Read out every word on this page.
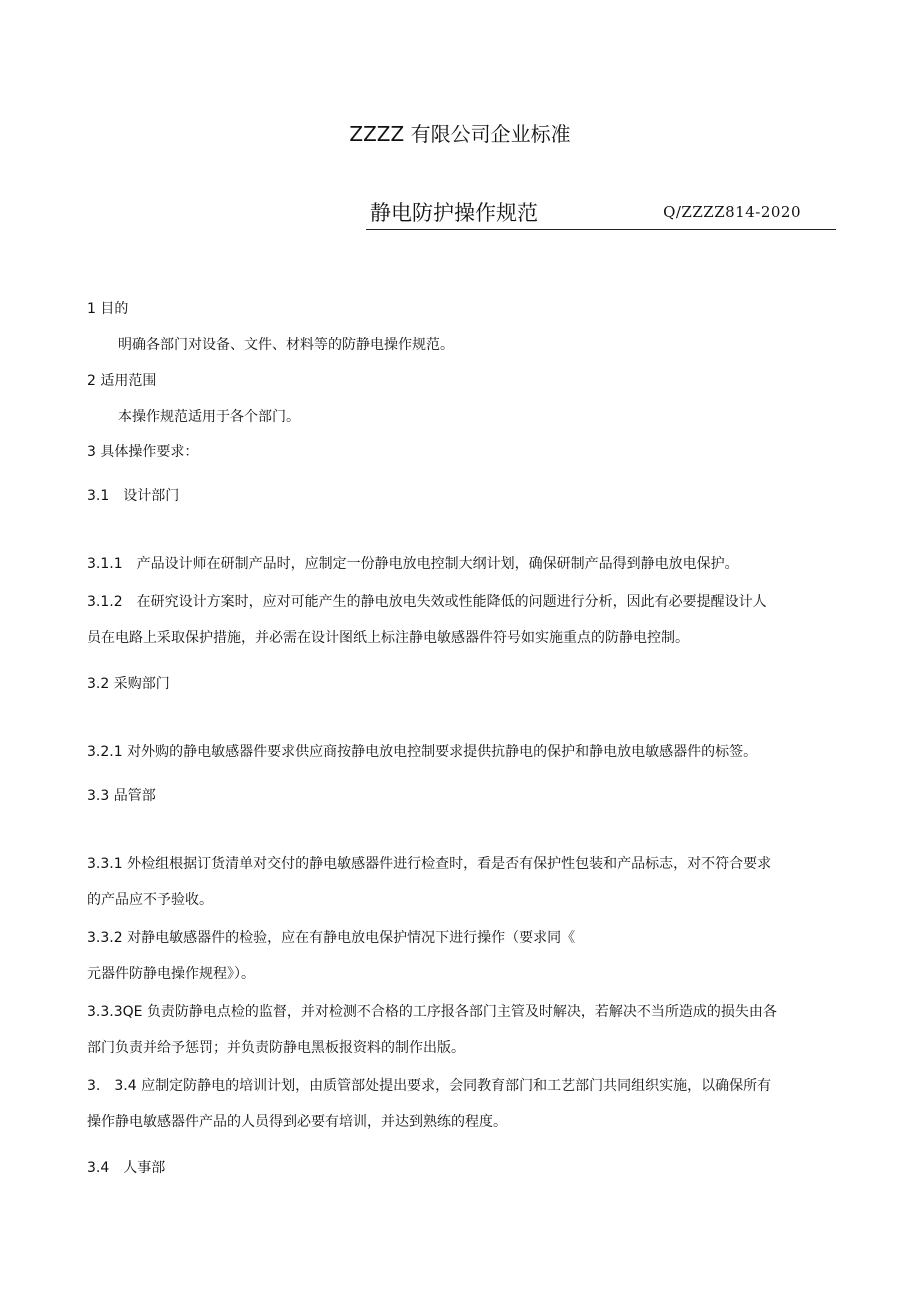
ZZZZ 有限公司企业标准
静电防护操作规范	Q/ZZZZ814-2020
1 目的
明确各部门对设备、文件、材料等的防静电操作规范。
2 适用范围
本操作规范适用于各个部门。
3 具体操作要求：
3.1　设计部门
3.1.1　产品设计师在研制产品时，应制定一份静电放电控制大纲计划，确保研制产品得到静电放电保护。
3.1.2　在研究设计方案时，应对可能产生的静电放电失效或性能降低的问题进行分析，因此有必要提醒设计人
员在电路上采取保护措施，并必需在设计图纸上标注静电敏感器件符号如实施重点的防静电控制。
3.2 采购部门
3.2.1 对外购的静电敏感器件要求供应商按静电放电控制要求提供抗静电的保护和静电放电敏感器件的标签。
3.3 品管部
3.3.1 外检组根据订货清单对交付的静电敏感器件进行检查时，看是否有保护性包装和产品标志，对不符合要求
的产品应不予验收。
3.3.2 对静电敏感器件的检验，应在有静电放电保护情况下进行操作（要求同《
元器件防静电操作规程》）。
3.3.3QE 负责防静电点检的监督，并对检测不合格的工序报各部门主管及时解决，若解决不当所造成的损失由各
部门负责并给予惩罚；并负责防静电黑板报资料的制作出版。
3.　3.4 应制定防静电的培训计划，由质管部处提出要求，会同教育部门和工艺部门共同组织实施，以确保所有
操作静电敏感器件产品的人员得到必要有培训，并达到熟练的程度。
3.4　人事部
